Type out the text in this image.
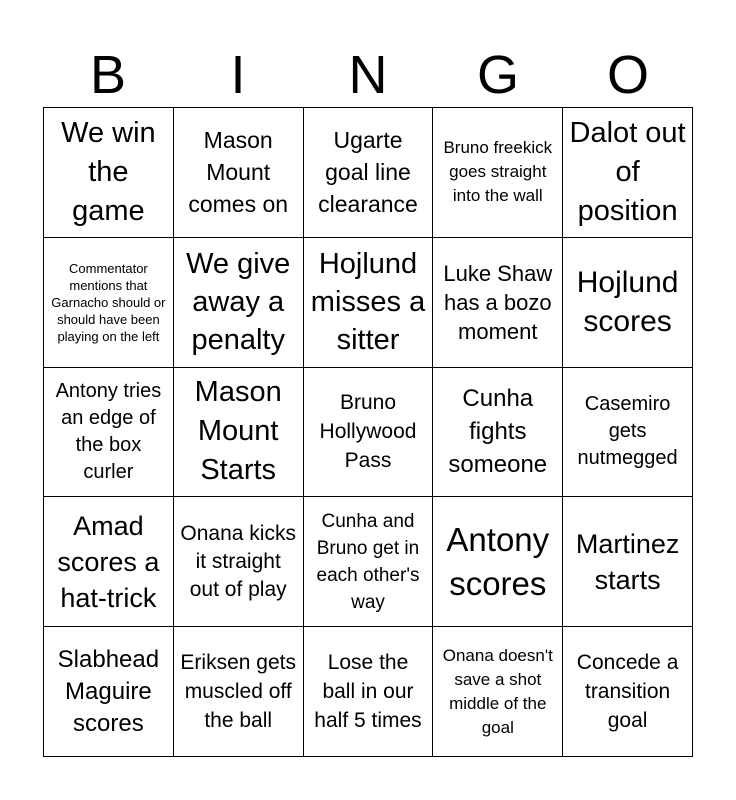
B	I	N	G	O
We win the game
Mason Mount comes on
Ugarte goal line clearance
Bruno freekick goes straight into the wall
Dalot out of position
Commentator mentions that Garnacho should or should have been playing on the left
We give away a penalty
Hojlund misses a sitter
Luke Shaw has a bozo moment
Hojlund scores
Antony tries an edge of the box curler
Mason Mount Starts
Bruno Hollywood Pass
Cunha fights someone
Casemiro gets nutmegged
Amad scores a hat-trick
Onana kicks it straight out of play
Cunha and Bruno get in each other's way
Antony scores
Martinez starts
Slabhead Maguire scores
Eriksen gets muscled off the ball
Lose the ball in our half 5 times
Onana doesn't save a shot middle of the goal
Concede a transition goal
